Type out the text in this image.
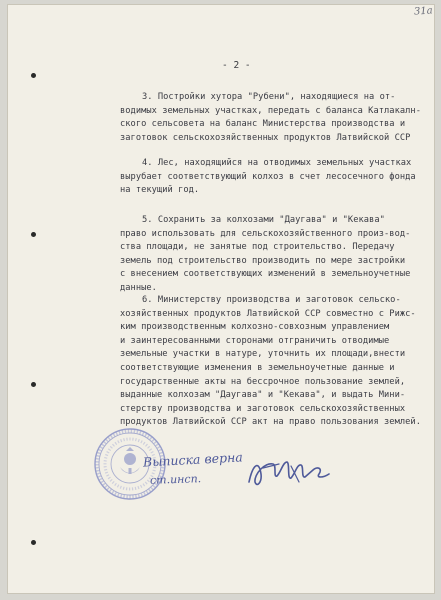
31a
- 2 -
3. Постройки хутора "Рубени", находящиеся на от-
водимых земельных участках, передать с баланса Катлакалн-
ского сельсовета на баланс Министерства производства и
заготовок сельскохозяйственных продуктов Латвийской ССР
4. Лес, находящийся на отводимых земельных участках
вырубает соответствующий колхоз в счет лесосечного фонда
на текущий год.
5. Сохранить за колхозами "Даугава" и "Кекава"
право использовать для сельскохозяйственного произ-вод-
ства площади, не занятые под строительство. Передачу
земель под строительство производить по мере застройки
с внесением соответствующих изменений в земельноучетные
данные.
6. Министерству производства и заготовок сельско-
хозяйственных продуктов Латвийской ССР совместно с Рижс-
ким производственным колхозно-совхозным управлением
и заинтересованными сторонами отграничить отводимые
земельные участки в натуре, уточнить их площади,внести
соответствующие изменения в земельноучетные данные и
государственные акты на бессрочное пользование землей,
выданные колхозам "Даугава" и "Кекава", и выдать Мини-
стерству производства и заготовок сельскохозяйственных
продуктов Латвийской ССР акт на право пользования землей.
Выписка верна
ст.инсп.
